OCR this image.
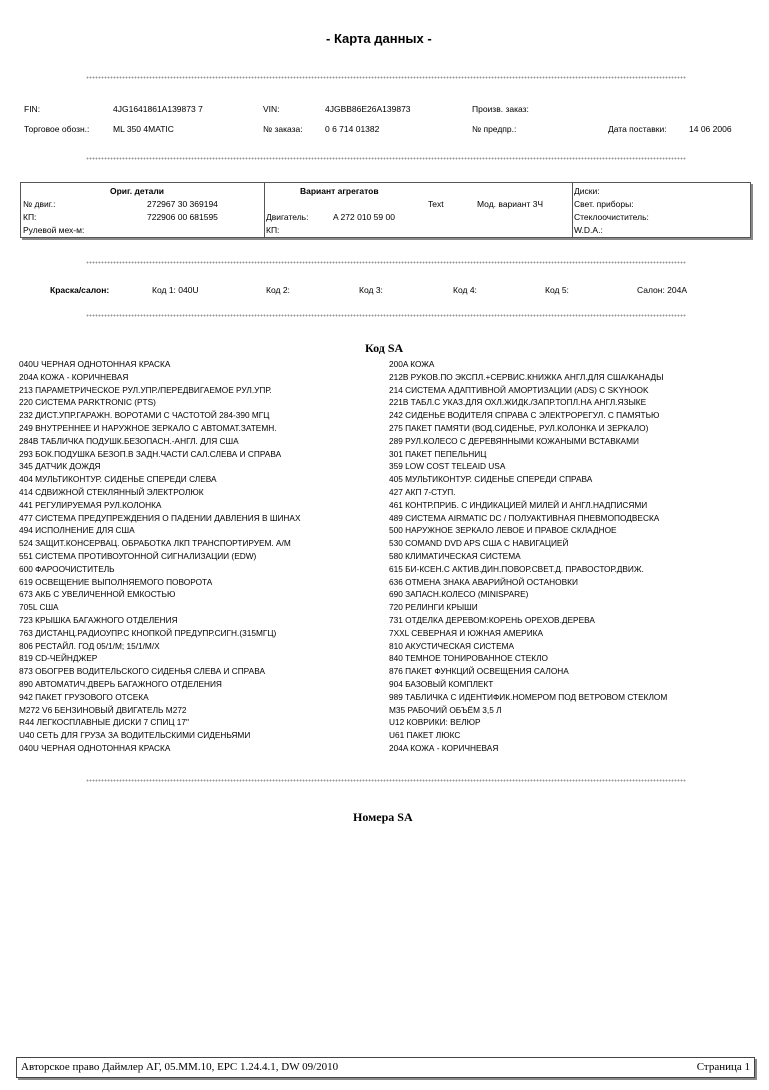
- Карта данных -
FIN:	4JG1641861A139873 7	VIN:	4JGBB86E26A139873	Произв. заказ:
Торговое обозн.:	ML 350 4MATIC	№ заказа:	0 6 714 01382	№ предпр.:	Дата поставки:	14 06 2006
Ориг. детали
№ двиг.:	272967 30 369194
КП:	722906 00 681595
Рулевой мех-м:
Вариант агрегатов
Text	Мод. вариант 3Ч
Двигатель:	A 272 010 59 00
КП:
Диски:
Свет. приборы:
Стеклоочиститель:
W.D.A.:
Краска/салон:	Код 1: 040U	Код 2:	Код 3:	Код 4:	Код 5:	Салон: 204A
Код SA
040U ЧЕРНАЯ ОДНОТОННАЯ КРАСКА
204A КОЖА - КОРИЧНЕВАЯ
213 ПАРАМЕТРИЧЕСКОЕ РУЛ.УПР./ПЕРЕДВИГАЕМОЕ РУЛ.УПР.
220 СИСТЕМА PARKTRONIC (PTS)
232 ДИСТ.УПР.ГАРАЖН. ВОРОТАМИ С ЧАСТОТОЙ 284-390 МГЦ
249 ВНУТРЕННЕЕ И НАРУЖНОЕ ЗЕРКАЛО С АВТОМАТ.ЗАТЕМН.
284B ТАБЛИЧКА ПОДУШК.БЕЗОПАСН.-АНГЛ. ДЛЯ США
293 БОК.ПОДУШКА БЕЗОП.В ЗАДН.ЧАСТИ САЛ.СЛЕВА И СПРАВА
345 ДАТЧИК ДОЖДЯ
404 МУЛЬТИКОНТУР. СИДЕНЬЕ СПЕРЕДИ СЛЕВА
414 СДВИЖНОЙ СТЕКЛЯННЫЙ ЭЛЕКТРОЛЮК
441 РЕГУЛИРУЕМАЯ РУЛ.КОЛОНКА
477 СИСТЕМА ПРЕДУПРЕЖДЕНИЯ О ПАДЕНИИ ДАВЛЕНИЯ В ШИНАХ
494 ИСПОЛНЕНИЕ ДЛЯ США
524 ЗАЩИТ.КОНСЕРВАЦ. ОБРАБОТКА ЛКП ТРАНСПОРТИРУЕМ. А/М
551 СИСТЕМА ПРОТИВОУГОННОЙ СИГНАЛИЗАЦИИ (EDW)
600 ФАРООЧИСТИТЕЛЬ
619 ОСВЕЩЕНИЕ ВЫПОЛНЯЕМОГО ПОВОРОТА
673 АКБ С УВЕЛИЧЕННОЙ ЕМКОСТЬЮ
705L США
723 КРЫШКА БАГАЖНОГО ОТДЕЛЕНИЯ
763 ДИСТАНЦ.РАДИОУПР.С КНОПКОЙ ПРЕДУПР.СИГН.(315МГЦ)
806 РЕСТАЙЛ. ГОД 05/1/М; 15/1/М/Х
819 CD-ЧЕЙНДЖЕР
873 ОБОГРЕВ ВОДИТЕЛЬСКОГО СИДЕНЬЯ СЛЕВА И СПРАВА
890 АВТОМАТИЧ.ДВЕРЬ БАГАЖНОГО ОТДЕЛЕНИЯ
942 ПАКЕТ ГРУЗОВОГО ОТСЕКА
M272 V6 БЕНЗИНОВЫЙ ДВИГАТЕЛЬ М272
R44 ЛЕГКОСПЛАВНЫЕ ДИСКИ 7 СПИЦ 17"
U40 СЕТЬ ДЛЯ ГРУЗА ЗА ВОДИТЕЛЬСКИМИ СИДЕНЬЯМИ
040U ЧЕРНАЯ ОДНОТОННАЯ КРАСКА
200A КОЖА
212B РУКОВ.ПО ЭКСПЛ.+СЕРВИС.КНИЖКА АНГЛ.ДЛЯ США/КАНАДЫ
214 СИСТЕМА АДАПТИВНОЙ АМОРТИЗАЦИИ (ADS) С SKYHOOK
221B ТАБЛ.С УКАЗ.ДЛЯ ОХЛ.ЖИДК./ЗАПР.ТОПЛ.НА АНГЛ.ЯЗЫКЕ
242 СИДЕНЬЕ ВОДИТЕЛЯ СПРАВА С ЭЛЕКТРОРЕГУЛ. С ПАМЯТЬЮ
275 ПАКЕТ ПАМЯТИ (ВОД.СИДЕНЬЕ, РУЛ.КОЛОНКА И ЗЕРКАЛО)
289 РУЛ.КОЛЕСО С ДЕРЕВЯННЫМИ КОЖАНЫМИ ВСТАВКАМИ
301 ПАКЕТ ПЕПЕЛЬНИЦ
359 LOW COST TELEAID USA
405 МУЛЬТИКОНТУР. СИДЕНЬЕ СПЕРЕДИ СПРАВА
427 АКП 7-СТУП.
461 КОНТР.ПРИБ. С ИНДИКАЦИЕЙ МИЛЕЙ И АНГЛ.НАДПИСЯМИ
489 СИСТЕМА AIRMATIC DC / ПОЛУАКТИВНАЯ ПНЕВМОПОДВЕСКА
500 НАРУЖНОЕ ЗЕРКАЛО ЛЕВОЕ И ПРАВОЕ СКЛАДНОЕ
530 COMAND DVD APS США С НАВИГАЦИЕЙ
580 КЛИМАТИЧЕСКАЯ СИСТЕМА
615 БИ-КСЕН.С АКТИВ.ДИН.ПОВОР.СВЕТ.Д. ПРАВОСТОР.ДВИЖ.
636 ОТМЕНА ЗНАКА АВАРИЙНОЙ ОСТАНОВКИ
690 ЗАПАСН.КОЛЕСО (MINISPARE)
720 РЕЛИНГИ КРЫШИ
731 ОТДЕЛКА ДЕРЕВОМ:КОРЕНЬ ОРЕХОВ.ДЕРЕВА
7XXL СЕВЕРНАЯ И ЮЖНАЯ АМЕРИКА
810 АКУСТИЧЕСКАЯ СИСТЕМА
840 ТЕМНОЕ ТОНИРОВАННОЕ СТЕКЛО
876 ПАКЕТ ФУНКЦИЙ ОСВЕЩЕНИЯ САЛОНА
904 БАЗОВЫЙ КОМПЛЕКТ
989 ТАБЛИЧКА С ИДЕНТИФИК.НОМЕРОМ ПОД ВЕТРОВОМ СТЕКЛОМ
M35 РАБОЧИЙ ОБЪЁМ 3,5 Л
U12 КОВРИКИ: ВЕЛЮР
U61 ПАКЕТ ЛЮКС
204A КОЖА - КОРИЧНЕВАЯ
Номера SA
Авторское право Даймлер АГ, 05.MM.10, EPC 1.24.4.1, DW 09/2010	Страница 1
